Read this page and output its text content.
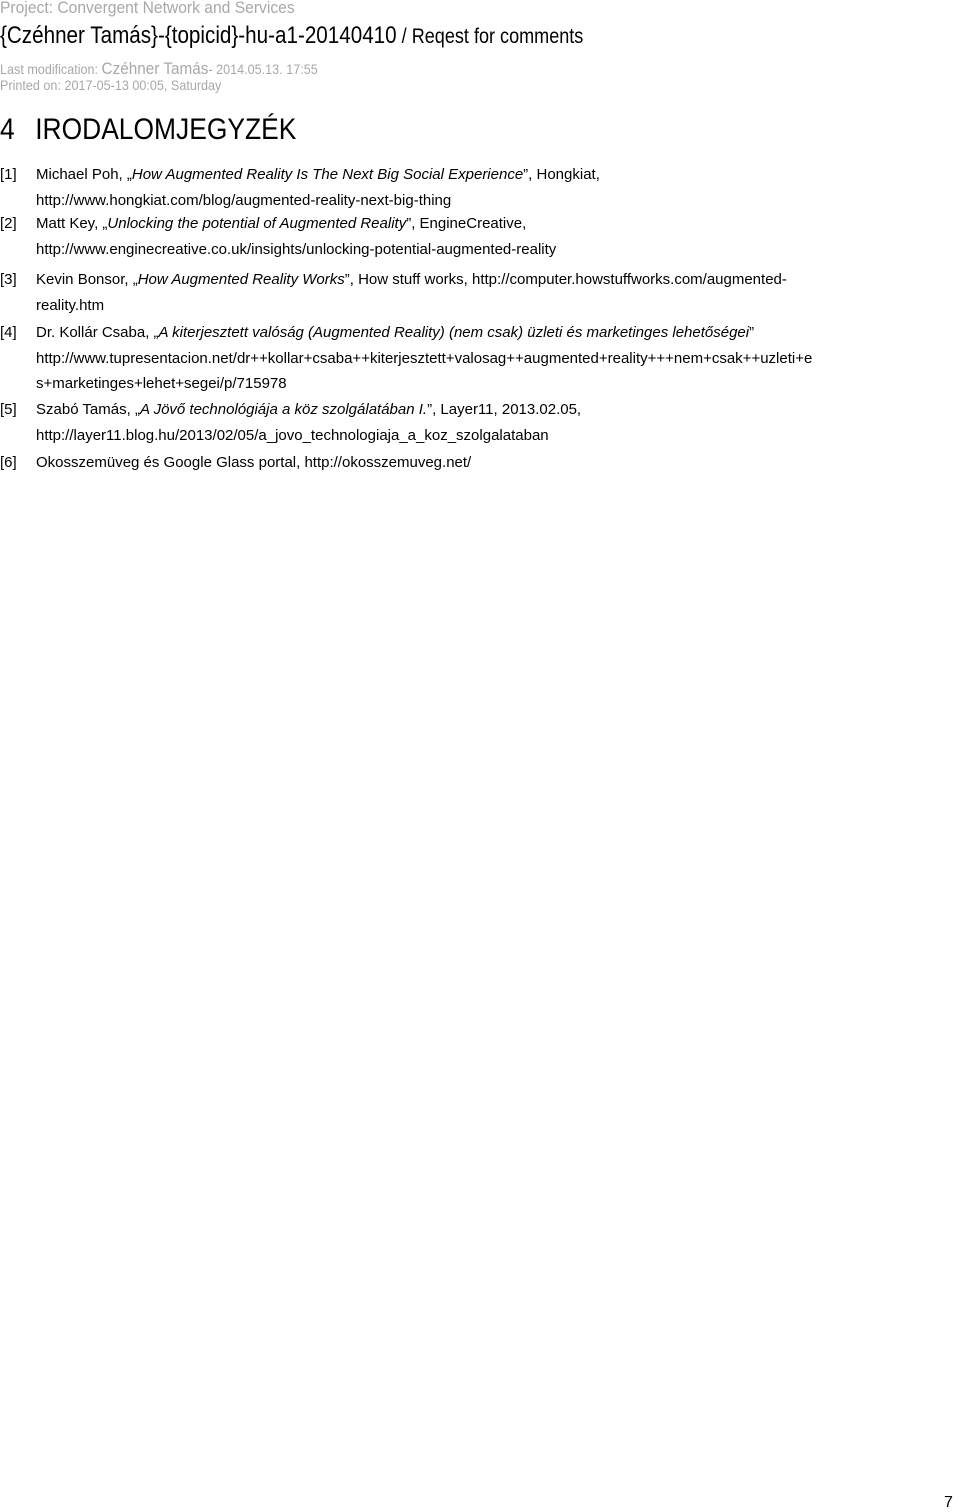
Project: Convergent Network and Services
{Czéhner Tamás}-{topicid}-hu-a1-20140410 / Reqest for comments
Last modification: Czéhner Tamás- 2014.05.13. 17:55
Printed on: 2017-05-13 00:05, Saturday
4 IRODALOMJEGYZÉK
[1] Michael Poh, „How Augmented Reality Is The Next Big Social Experience”, Hongkiat,
http://www.hongkiat.com/blog/augmented-reality-next-big-thing
[2] Matt Key, „Unlocking the potential of Augmented Reality”, EngineCreative,
http://www.enginecreative.co.uk/insights/unlocking-potential-augmented-reality
[3] Kevin Bonsor, „How Augmented Reality Works”, How stuff works, http://computer.howstuffworks.com/augmented-
reality.htm
[4] Dr. Kollár Csaba, „A kiterjesztett valóság (Augmented Reality) (nem csak) üzleti és marketinges lehetőségei”
http://www.tupresentacion.net/dr++kollar+csaba++kiterjesztett+valosag++augmented+reality+++nem+csak++uzleti+e
s+marketinges+lehet+segei/p/715978
[5] Szabó Tamás, „A Jövő technológiája a köz szolgálatában I.”, Layer11, 2013.02.05,
http://layer11.blog.hu/2013/02/05/a_jovo_technologiaja_a_koz_szolgalataban
[6] Okosszemüveg és Google Glass portal, http://okosszemuveg.net/
7
